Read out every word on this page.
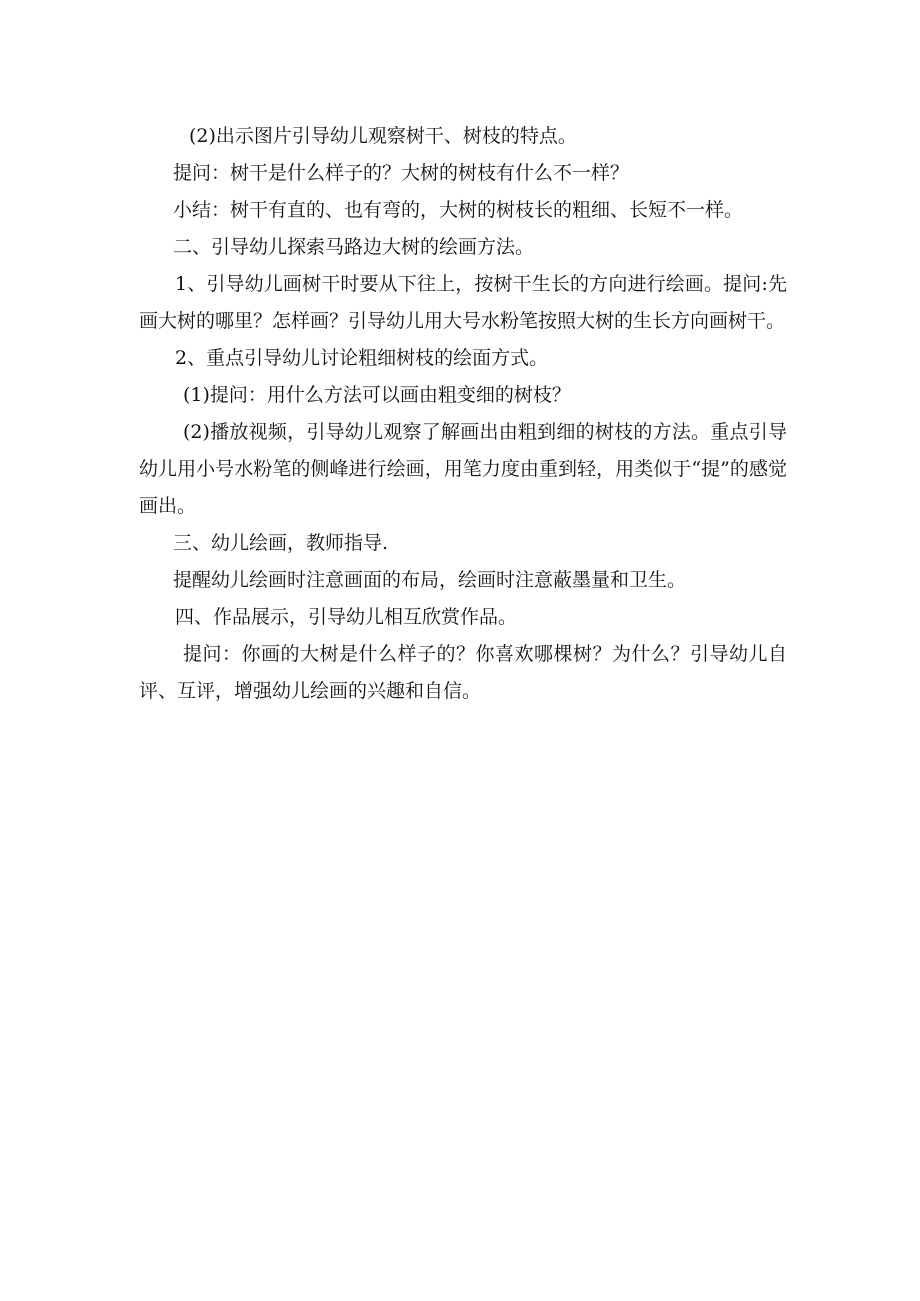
(2)出示图片引导幼儿观察树干、树枝的特点。

提问：树干是什么样子的？大树的树枝有什么不一样？

小结：树干有直的、也有弯的，大树的树枝长的粗细、长短不一样。

二、引导幼儿探索马路边大树的绘画方法。

1、引导幼儿画树干时要从下往上，按树干生长的方向进行绘画。提问:先画大树的哪里？怎样画？引导幼儿用大号水粉笔按照大树的生长方向画树干。

2、重点引导幼儿讨论粗细树枝的绘面方式。

(1)提问：用什么方法可以画由粗变细的树枝？

(2)播放视频，引导幼儿观察了解画出由粗到细的树枝的方法。重点引导幼儿用小号水粉笔的侧峰进行绘画，用笔力度由重到轻，用类似于“提”的感觉画出。

三、幼儿绘画，教师指导.

提醒幼儿绘画时注意画面的布局，绘画时注意蔽墨量和卫生。

四、作品展示，引导幼儿相互欣赏作品。

提问：你画的大树是什么样子的？你喜欢哪棵树？为什么？引导幼儿自评、互评，增强幼儿绘画的兴趣和自信。
